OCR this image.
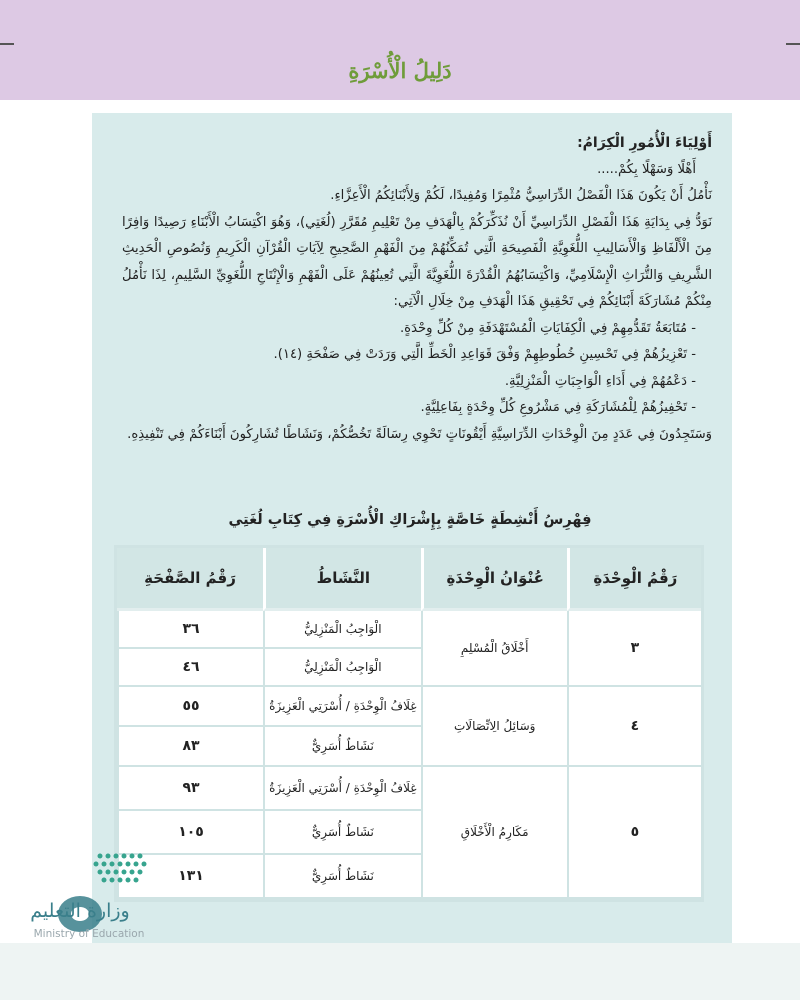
دَلِيلُ الْأُسْرَةِ

أَوْلِيَاءَ الْأُمُورِ الْكِرَامُ:

أَهْلًا وَسَهْلًا بِكُمْ.....

نَأْمُلُ أَنْ يَكُونَ هَذَا الْفَصْلُ الدِّرَاسِيُّ مُثْمِرًا وَمُفِيدًا، لَكُمْ وَلِأَبْنَائِكُمُ الْأَعِزَّاءِ.

نَوَدُّ فِي بِدَايَةِ هَذَا الْفَصْلِ الدِّرَاسِيِّ أَنْ نُذَكِّرَكُمْ بِالْهَدَفِ مِنْ تَعْلِيمِ مُقَرَّرِ (لُغَتِي)، وَهُوَ اكْتِسَابُ الْأَبْنَاءِ رَصِيدًا وَافِرًا مِنَ الْأَلْفَاظِ وَالْأَسَالِيبِ اللُّغَوِيَّةِ الْفَصِيحَةِ الَّتِي تُمَكِّنُهُمْ مِنَ الْفَهْمِ الصَّحِيحِ لِآيَاتِ الْقُرْآنِ الْكَرِيمِ وَنُصُوصِ الْحَدِيثِ الشَّرِيفِ وَالتُّرَاثِ الْإِسْلَامِيِّ، وَاكْتِسَابُهُمُ الْقُدْرَةَ اللُّغَوِيَّةَ الَّتِي تُعِينُهُمْ عَلَى الْفَهْمِ وَالْإِنْتَاجِ اللُّغَوِيِّ السَّلِيمِ، لِذَا نَأْمُلُ مِنْكُمْ مُشَارَكَةَ أَبْنَائِكُمْ فِي تَحْقِيقِ هَذَا الْهَدَفِ مِنْ خِلَالِ الْآتِي:

- مُتَابَعَةُ تَقَدُّمِهِمْ فِي الْكِفَايَاتِ الْمُسْتَهْدَفَةِ مِنْ كُلِّ وِحْدَةٍ.

- تَعْزِيزُهُمْ فِي تَحْسِينِ خُطُوطِهِمْ وَفْقَ قَوَاعِدِ الْخَطِّ الَّتِي وَرَدَتْ فِي صَفْحَةِ (١٤).

- دَعْمُهُمْ فِي أَدَاءِ الْوَاجِبَاتِ الْمَنْزِلِيَّةِ.

- تَحْفِيزُهُمْ لِلْمُشَارَكَةِ فِي مَشْرُوعِ كُلِّ وِحْدَةٍ بِفَاعِلِيَّةٍ.

وَسَتَجِدُونَ فِي عَدَدٍ مِنَ الْوِحْدَاتِ الدِّرَاسِيَّةِ أَيْقُونَاتٍ تَحْوِي رِسَالَةً تَخُصُّكُمْ، وَنَشَاطًا تُشَارِكُونَ أَبْنَاءَكُمْ فِي تَنْفِيذِهِ.

فِهْرِسُ أَنْشِطَةٍ خَاصَّةٍ بِإِشْرَاكِ الْأُسْرَةِ فِي كِتَابِ لُغَتِي
رَقْمُ الْوِحْدَةِ	عُنْوَانُ الْوِحْدَةِ	النَّشَاطُ	رَقْمُ الصَّفْحَةِ
٣	أَخْلَاقُ الْمُسْلِمِ	الْوَاجِبُ الْمَنْزِلِيُّ	٣٦
		الْوَاجِبُ الْمَنْزِلِيُّ	٤٦
٤	وَسَائِلُ الِاتِّصَالَاتِ	غِلَافُ الْوِحْدَةِ / أُسْرَتِي الْعَزِيزَةُ	٥٥
		نَشَاطٌ أُسَرِيٌّ	٨٣
٥	مَكَارِمُ الْأَخْلَاقِ	غِلَافُ الْوِحْدَةِ / أُسْرَتِي الْعَزِيزَةُ	٩٣
		نَشَاطٌ أُسَرِيٌّ	١٠٥
		نَشَاطٌ أُسَرِيٌّ	١٣١
وزارة التعليم
Ministry of Education
